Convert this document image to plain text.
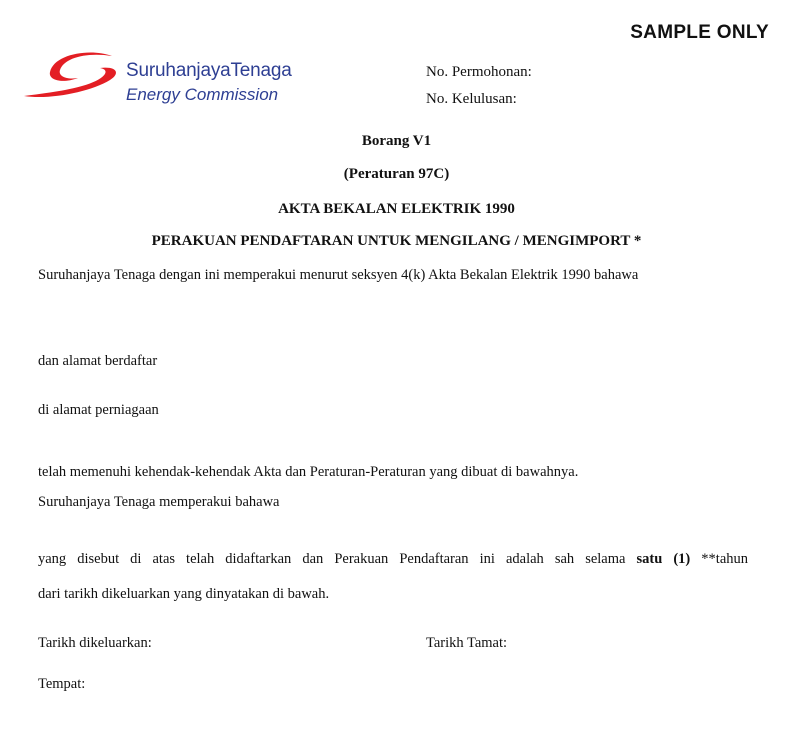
SAMPLE ONLY
SuruhanjayaTenaga
Energy Commission
No. Permohonan:
No. Kelulusan:
Borang V1
(Peraturan 97C)
AKTA BEKALAN ELEKTRIK 1990
PERAKUAN PENDAFTARAN UNTUK MENGILANG / MENGIMPORT *
Suruhanjaya Tenaga dengan ini memperakui menurut seksyen 4(k) Akta Bekalan Elektrik 1990 bahawa
dan alamat berdaftar
di alamat perniagaan
telah memenuhi kehendak-kehendak Akta dan Peraturan-Peraturan yang dibuat di bawahnya.
Suruhanjaya Tenaga memperakui bahawa
yang disebut di atas telah didaftarkan dan Perakuan Pendaftaran ini adalah sah selama satu (1) **tahun
dari tarikh dikeluarkan yang dinyatakan di bawah.
Tarikh dikeluarkan:	Tarikh Tamat:
Tempat:
